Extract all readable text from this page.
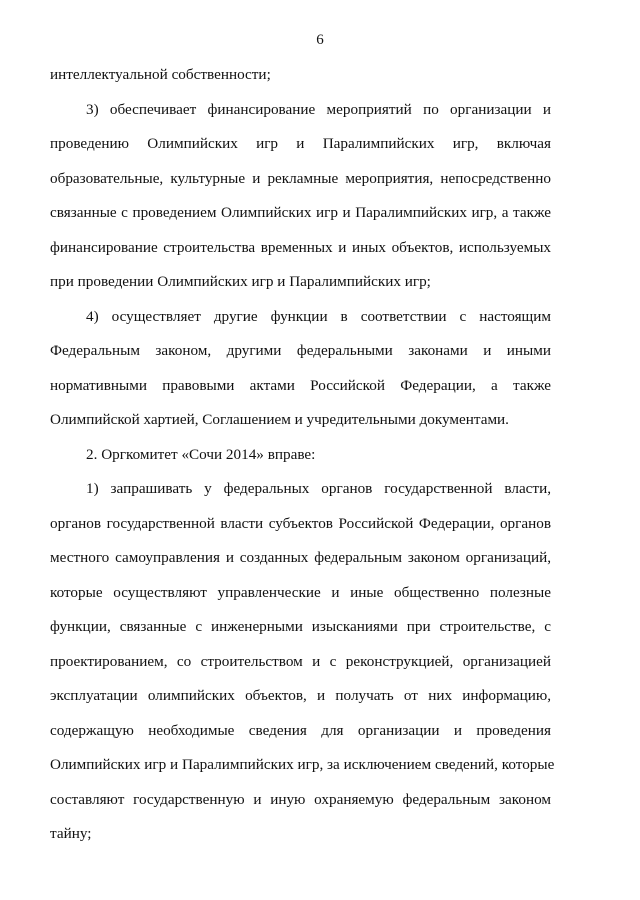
6
интеллектуальной собственности;
3) обеспечивает финансирование мероприятий по организации и
проведению Олимпийских игр и Паралимпийских игр, включая
образовательные, культурные и рекламные мероприятия, непосредственно
связанные с проведением Олимпийских игр и Паралимпийских игр, а также
финансирование строительства временных и иных объектов, используемых
при проведении Олимпийских игр и Паралимпийских игр;
4) осуществляет другие функции в соответствии с настоящим
Федеральным законом, другими федеральными законами и иными
нормативными правовыми актами Российской Федерации, а также
Олимпийской хартией, Соглашением и учредительными документами.
2. Оргкомитет «Сочи 2014» вправе:
1) запрашивать у федеральных органов государственной власти,
органов государственной власти субъектов Российской Федерации, органов
местного самоуправления и созданных федеральным законом организаций,
которые осуществляют управленческие и иные общественно полезные
функции, связанные с инженерными изысканиями при строительстве, с
проектированием, со строительством и с реконструкцией, организацией
эксплуатации олимпийских объектов, и получать от них информацию,
содержащую необходимые сведения для организации и проведения
Олимпийских игр и Паралимпийских игр, за исключением сведений, которые
составляют государственную и иную охраняемую федеральным законом
тайну;
